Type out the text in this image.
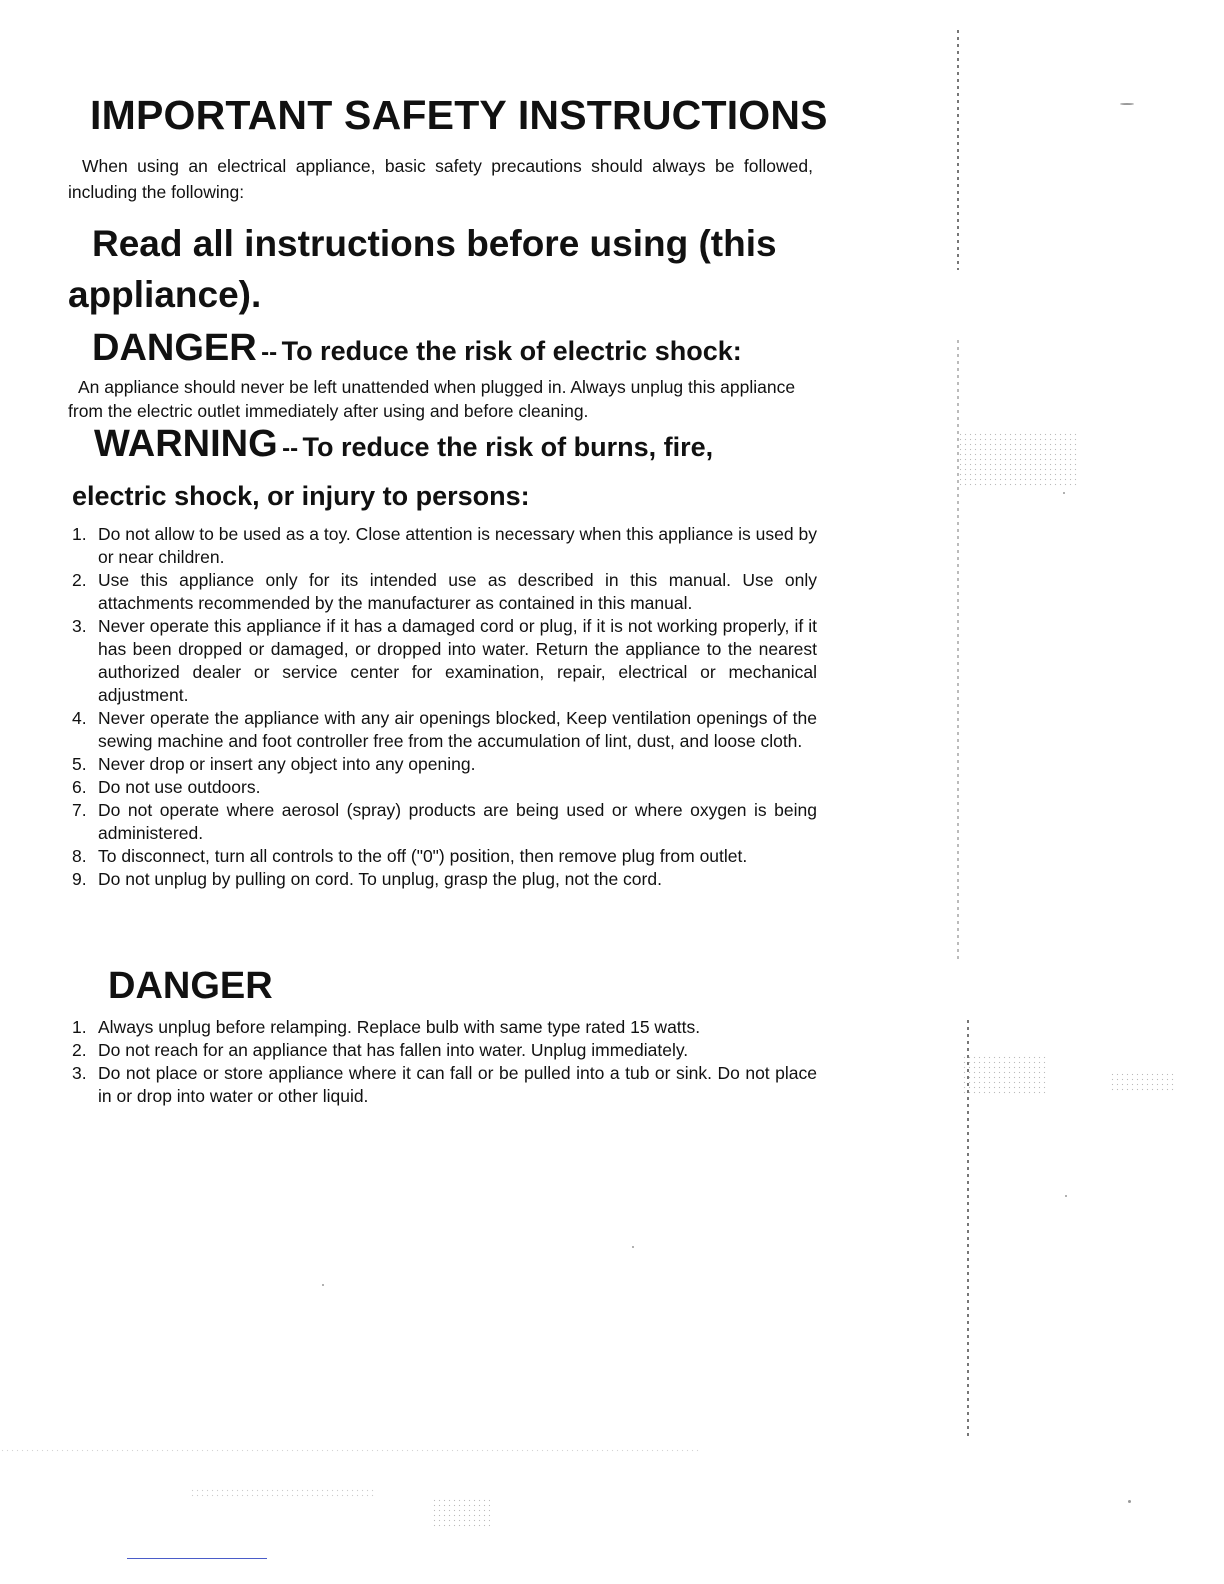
IMPORTANT SAFETY INSTRUCTIONS

When using an electrical appliance, basic safety precautions should always be followed, including the following:

Read all instructions before using (this appliance).

DANGER -- To reduce the risk of electric shock:

An appliance should never be left unattended when plugged in. Always unplug this appliance from the electric outlet immediately after using and before cleaning.

WARNING -- To reduce the risk of burns, fire,
electric shock, or injury to persons:
1. Do not allow to be used as a toy. Close attention is necessary when this appliance is used by or near children.
2. Use this appliance only for its intended use as described in this manual. Use only attachments recommended by the manufacturer as contained in this manual.
3. Never operate this appliance if it has a damaged cord or plug, if it is not working properly, if it has been dropped or damaged, or dropped into water. Return the appliance to the nearest authorized dealer or service center for examination, repair, electrical or mechanical adjustment.
4. Never operate the appliance with any air openings blocked, Keep ventilation openings of the sewing machine and foot controller free from the accumulation of lint, dust, and loose cloth.
5. Never drop or insert any object into any opening.
6. Do not use outdoors.
7. Do not operate where aerosol (spray) products are being used or where oxygen is being administered.
8. To disconnect, turn all controls to the off ("0") position, then remove plug from outlet.
9. Do not unplug by pulling on cord. To unplug, grasp the plug, not the cord.
DANGER
1. Always unplug before relamping. Replace bulb with same type rated 15 watts.
2. Do not reach for an appliance that has fallen into water. Unplug immediately.
3. Do not place or store appliance where it can fall or be pulled into a tub or sink. Do not place in or drop into water or other liquid.
